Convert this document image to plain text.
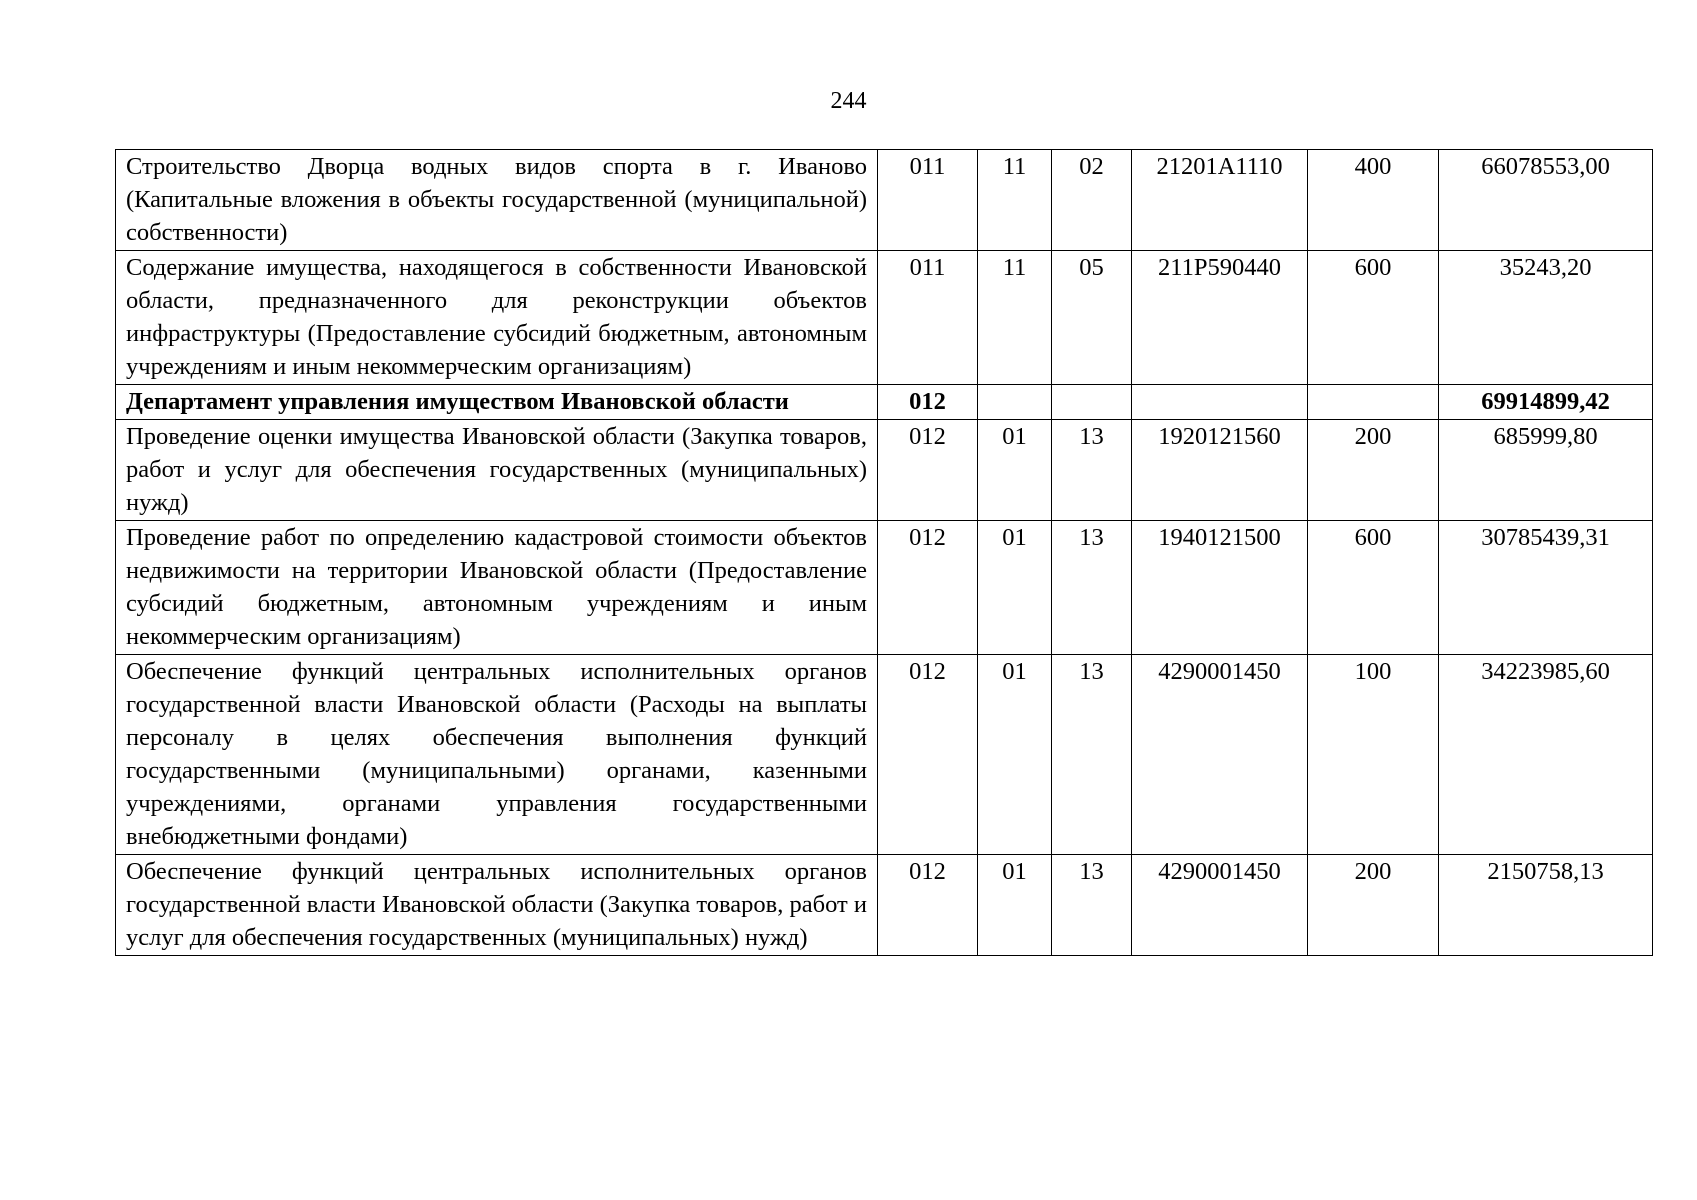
244
Строительство Дворца водных видов спорта в г. Иваново (Капитальные вложения в объекты государственной (муниципальной) собственности)	011	11	02	21201А1110	400	66078553,00
Содержание имущества, находящегося в собственности Ивановской области, предназначенного для реконструкции объектов инфраструктуры (Предоставление субсидий бюджетным, автономным учреждениям и иным некоммерческим организациям)	011	11	05	211P590440	600	35243,20
Департамент управления имуществом Ивановской области	012					69914899,42
Проведение оценки имущества Ивановской области (Закупка товаров, работ и услуг для обеспечения государственных (муниципальных) нужд)	012	01	13	1920121560	200	685999,80
Проведение работ по определению кадастровой стоимости объектов недвижимости на территории Ивановской области (Предоставление субсидий бюджетным, автономным учреждениям и иным некоммерческим организациям)	012	01	13	1940121500	600	30785439,31
Обеспечение функций центральных исполнительных органов государственной власти Ивановской области (Расходы на выплаты персоналу в целях обеспечения выполнения функций государственными (муниципальными) органами, казенными учреждениями, органами управления государственными внебюджетными фондами)	012	01	13	4290001450	100	34223985,60
Обеспечение функций центральных исполнительных органов государственной власти Ивановской области (Закупка товаров, работ и услуг для обеспечения государственных (муниципальных) нужд)	012	01	13	4290001450	200	2150758,13
